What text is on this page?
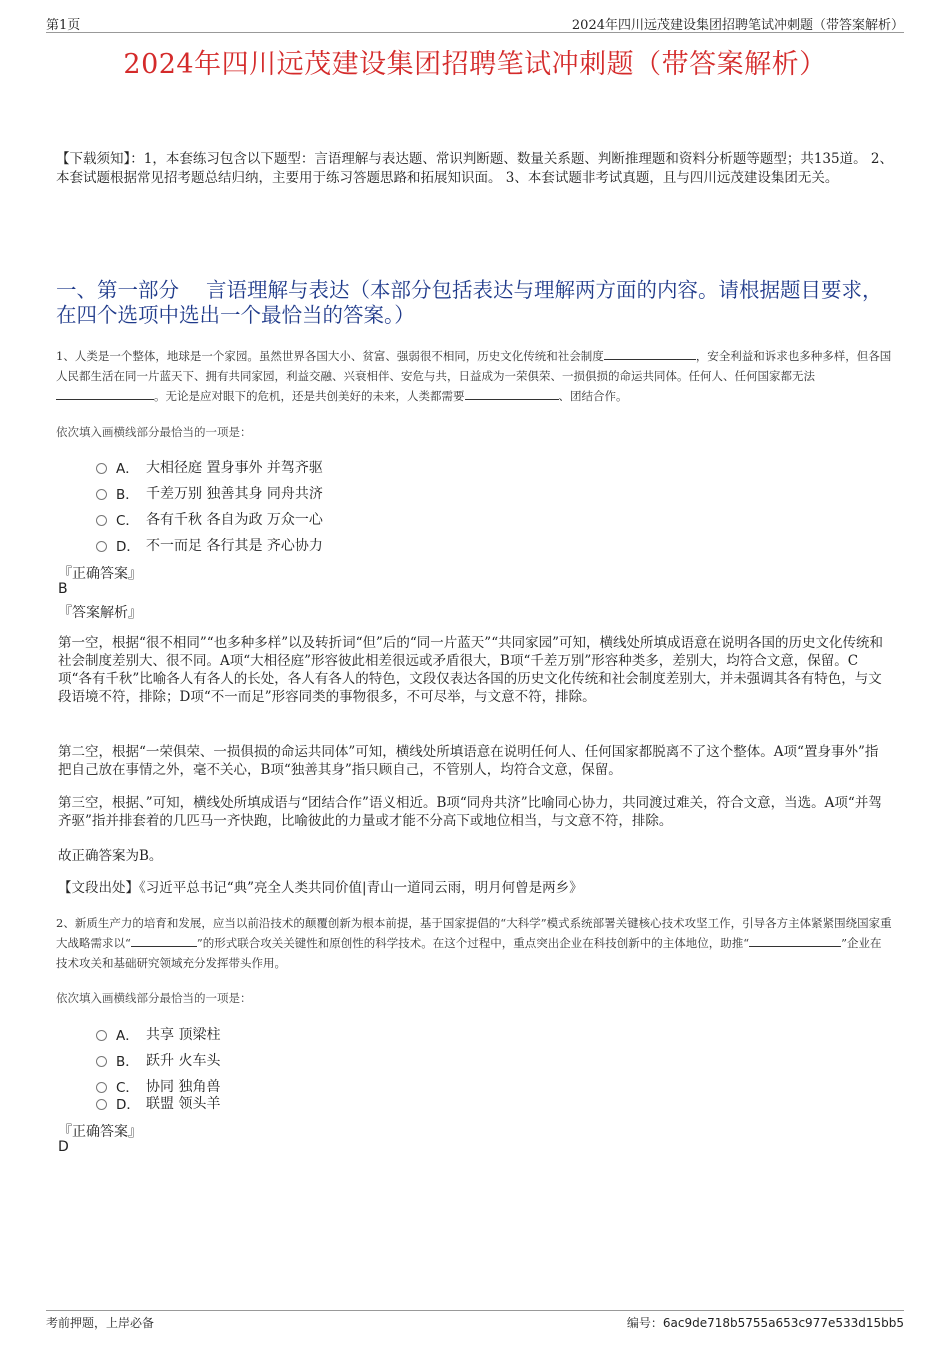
第1页	2024年四川远茂建设集团招聘笔试冲刺题（带答案解析）
2024年四川远茂建设集团招聘笔试冲刺题（带答案解析）
【下载须知】：1，本套练习包含以下题型：言语理解与表达题、常识判断题、数量关系题、判断推理题和资料分析题等题型；共135道。 2、本套试题根据常见招考题总结归纳，主要用于练习答题思路和拓展知识面。 3、本套试题非考试真题，且与四川远茂建设集团无关。
一、第一部分　 言语理解与表达（本部分包括表达与理解两方面的内容。请根据题目要求，在四个选项中选出一个最恰当的答案。）
1、人类是一个整体，地球是一个家园。虽然世界各国大小、贫富、强弱很不相同，历史文化传统和社会制度	，安全利益和诉求也多种多样，但各国人民都生活在同一片蓝天下、拥有共同家园，利益交融、兴衰相伴、安危与共，日益成为一荣俱荣、一损俱损的命运共同体。任何人、任何国家都无法。无论是应对眼下的危机，还是共创美好的未来，人类都需要	、团结合作。
依次填入画横线部分最恰当的一项是：
A． 大相径庭 置身事外 并驾齐驱
B． 千差万别 独善其身 同舟共济
C． 各有千秋 各自为政 万众一心
D． 不一而足 各行其是 齐心协力
『正确答案』
B
『答案解析』
第一空，根据“很不相同”“也多种多样”以及转折词“但”后的“同一片蓝天”“共同家园”可知，横线处所填成语意在说明各国的历史文化传统和社会制度差别大、很不同。A项“大相径庭”形容彼此相差很远或矛盾很大，B项“千差万别”形容种类多，差别大，均符合文意，保留。C项“各有千秋”比喻各人有各人的长处，各人有各人的特色，文段仅表达各国的历史文化传统和社会制度差别大，并未强调其各有特色，与文段语境不符，排除；D项“不一而足”形容同类的事物很多，不可尽举，与文意不符，排除。
第二空，根据“一荣俱荣、一损俱损的命运共同体”可知，横线处所填语意在说明任何人、任何国家都脱离不了这个整体。A项“置身事外”指把自己放在事情之外，毫不关心，B项“独善其身”指只顾自己，不管别人，均符合文意，保留。
第三空，根据、”可知，横线处所填成语与“团结合作”语义相近。B项“同舟共济”比喻同心协力，共同渡过难关，符合文意，当选。A项“并驾齐驱”指并排套着的几匹马一齐快跑，比喻彼此的力量或才能不分高下或地位相当，与文意不符，排除。
故正确答案为B。
【文段出处】《习近平总书记“典”亮全人类共同价值|青山一道同云雨，明月何曾是两乡》
2、新质生产力的培育和发展，应当以前沿技术的颠覆创新为根本前提，基于国家提倡的“大科学”模式系统部署关键核心技术攻坚工作，引导各方主体紧紧围绕国家重大战略需求以“	”的形式联合攻关关键性和原创性的科学技术。在这个过程中，重点突出企业在科技创新中的主体地位，助推“	”企业在技术攻关和基础研究领域充分发挥带头作用。
依次填入画横线部分最恰当的一项是：
A． 共享 顶梁柱
B． 跃升 火车头
C． 协同 独角兽
D． 联盟 领头羊
『正确答案』
D
考前押题，上岸必备	编号：6ac9de718b5755a653c977e533d15bb5
